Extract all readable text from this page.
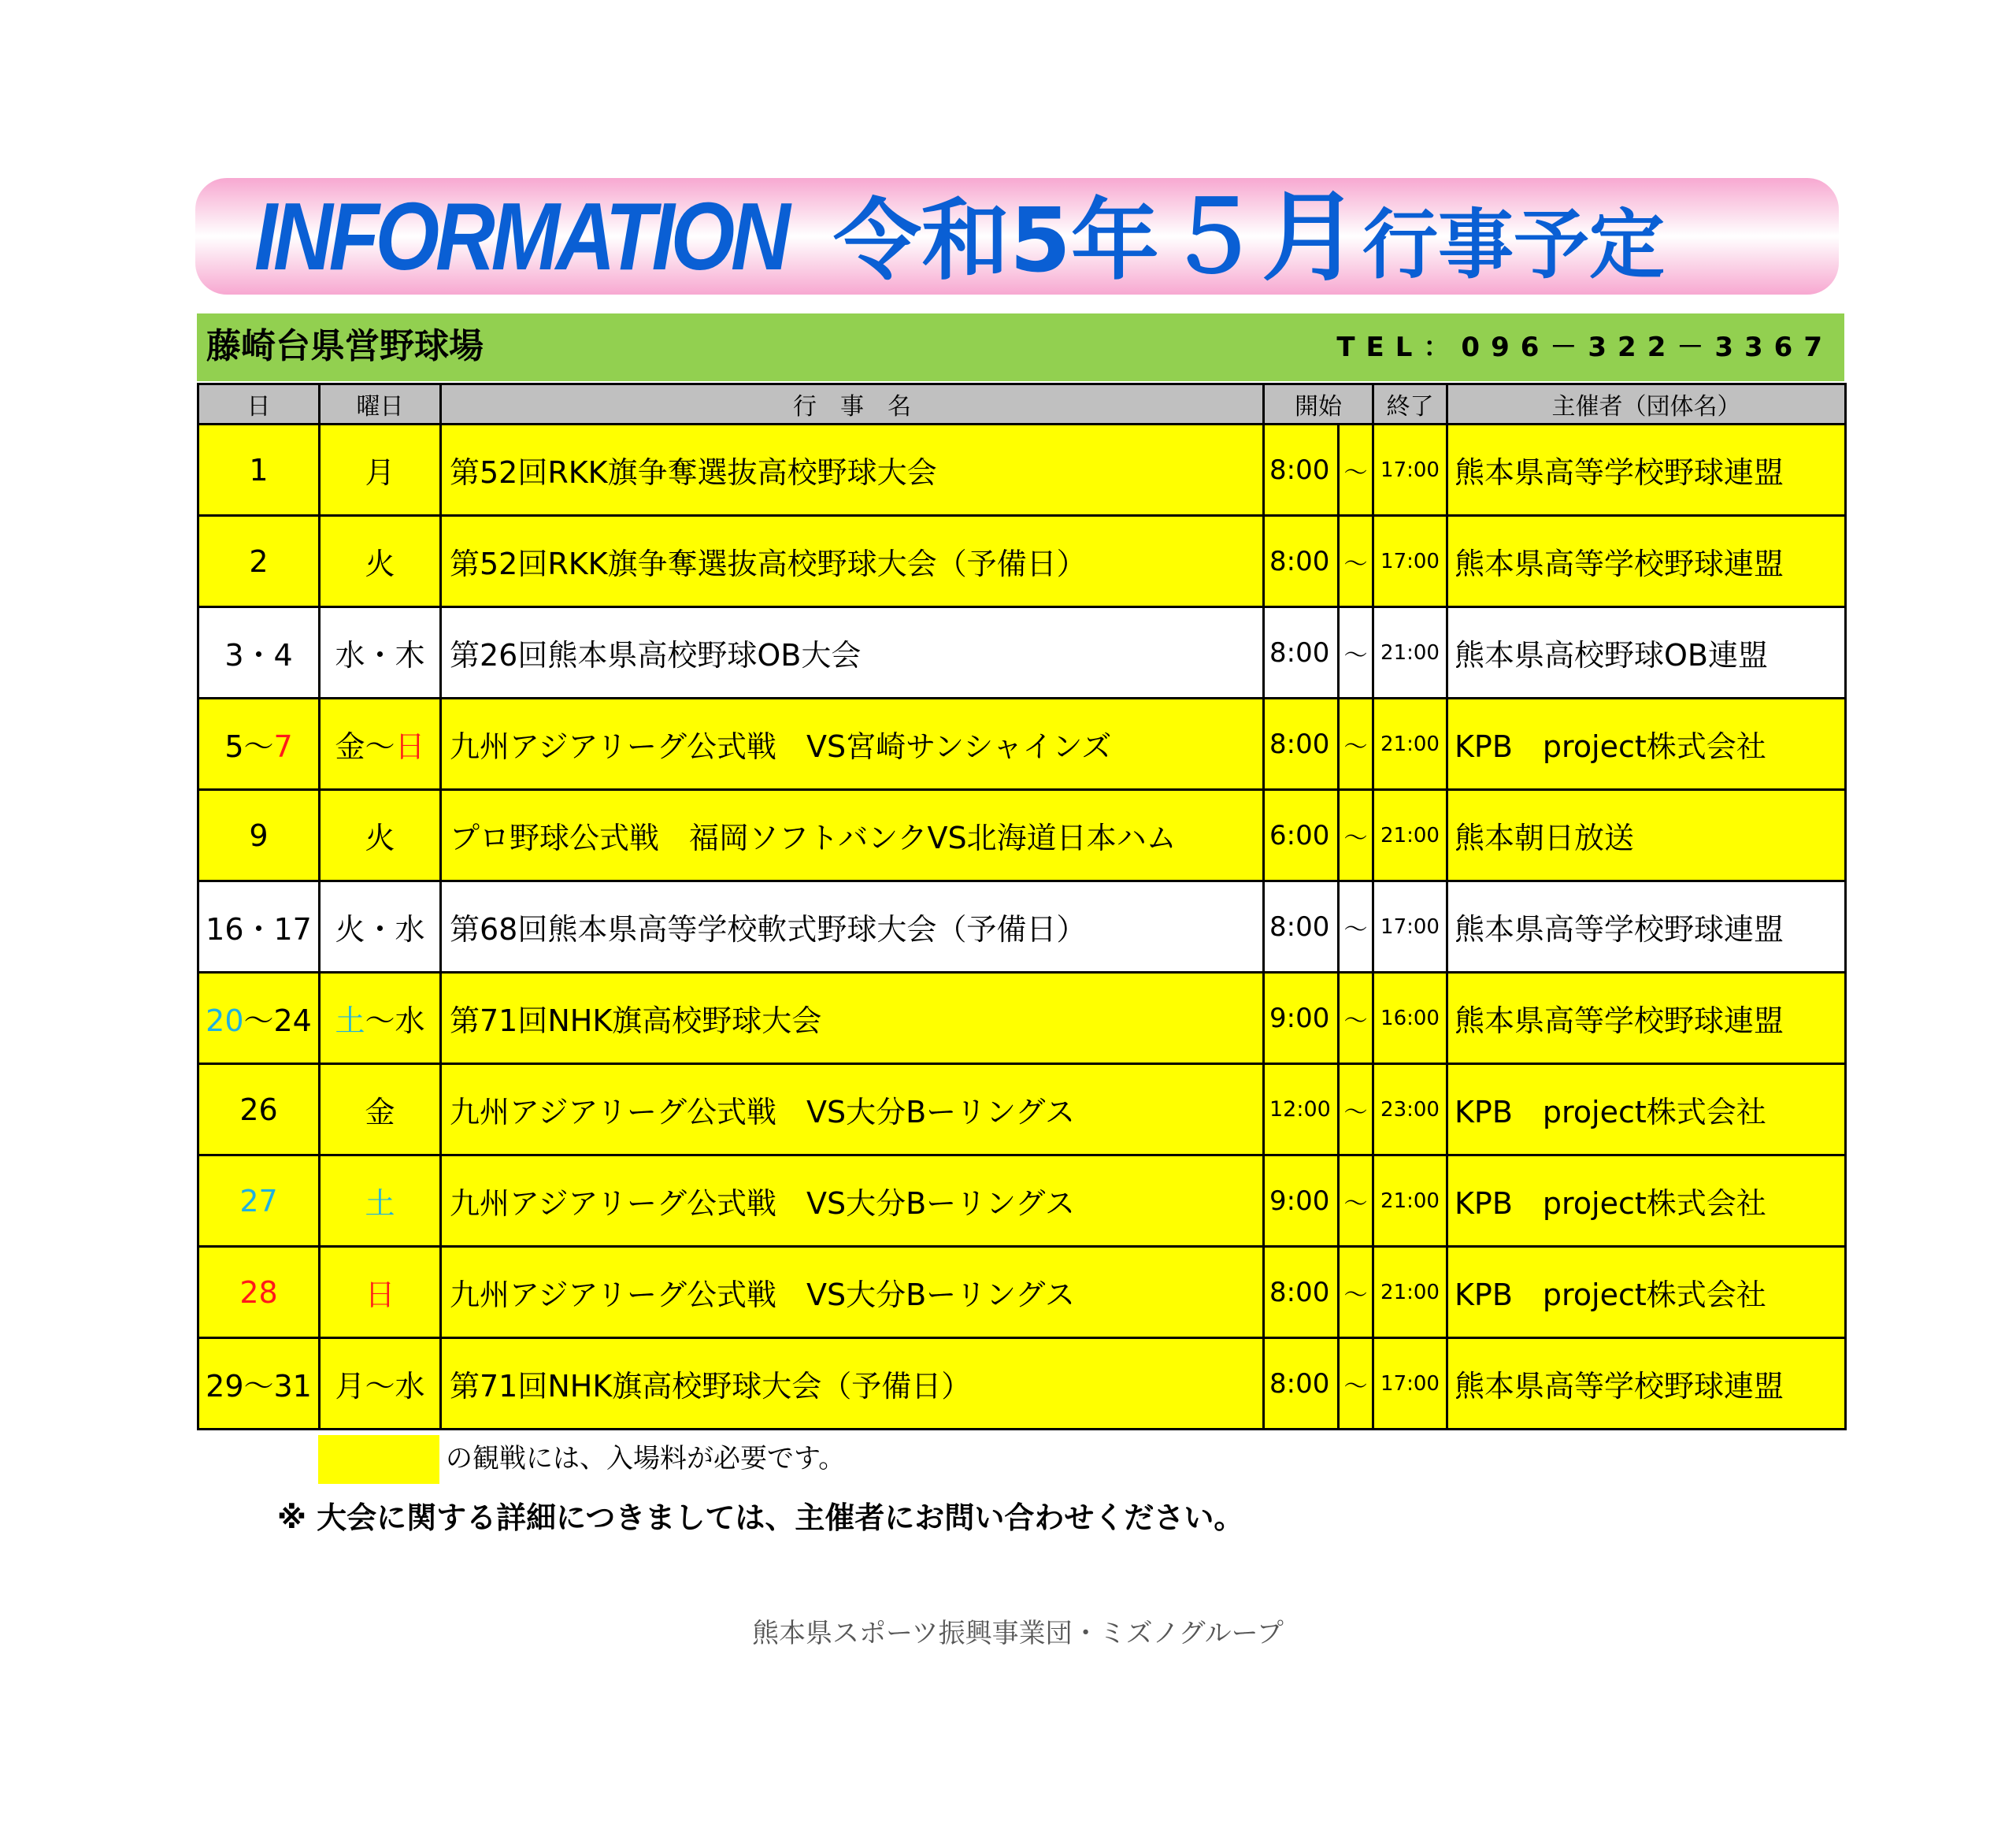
INFORMATION 令和5年５月行事予定
藤崎台県営野球場	TEL：096－322－3367
日	曜日	行　事　名	開始		終了	主催者（団体名）
1	月	第52回RKK旗争奪選抜高校野球大会	8:00	～	17:00	熊本県高等学校野球連盟
2	火	第52回RKK旗争奪選抜高校野球大会（予備日）	8:00	～	17:00	熊本県高等学校野球連盟
3・4	水・木	第26回熊本県高校野球OB大会	8:00	～	21:00	熊本県高校野球OB連盟
5～7	金～日	九州アジアリーグ公式戦　VS宮崎サンシャインズ	8:00	～	21:00	KPB　project株式会社
9	火	プロ野球公式戦　福岡ソフトバンクVS北海道日本ハム	6:00	～	21:00	熊本朝日放送
16・17	火・水	第68回熊本県高等学校軟式野球大会（予備日）	8:00	～	17:00	熊本県高等学校野球連盟
20～24	土～水	第71回NHK旗高校野球大会	9:00	～	16:00	熊本県高等学校野球連盟
26	金	九州アジアリーグ公式戦　VS大分Bーリングス	12:00	～	23:00	KPB　project株式会社
27	土	九州アジアリーグ公式戦　VS大分Bーリングス	9:00	～	21:00	KPB　project株式会社
28	日	九州アジアリーグ公式戦　VS大分Bーリングス	8:00	～	21:00	KPB　project株式会社
29～31	月～水	第71回NHK旗高校野球大会（予備日）	8:00	～	17:00	熊本県高等学校野球連盟
の観戦には、入場料が必要です。
※ 大会に関する詳細につきましては、主催者にお問い合わせください。
熊本県スポーツ振興事業団・ミズノグループ
